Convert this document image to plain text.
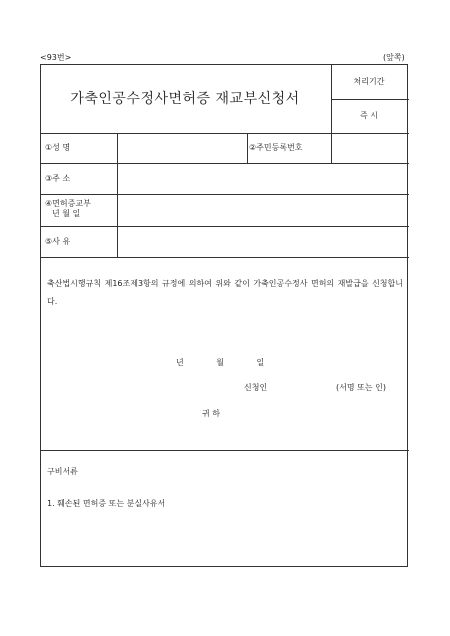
<93번>	(앞쪽)
가축인공수정사면허증 재교부신청서
처리기간
즉 시
①성 명	②주민등록번호
③주 소
④면허증교부
년 월 일
⑤사 유
축산법시행규칙 제16조제3항의 규정에 의하여 위와 같이 가축인공수정사 면허의 재발급을 신청합니다.
년 월 일
신청인	(서명 또는 인)
귀 하
구비서류
1. 훼손된 면허증 또는 분실사유서
